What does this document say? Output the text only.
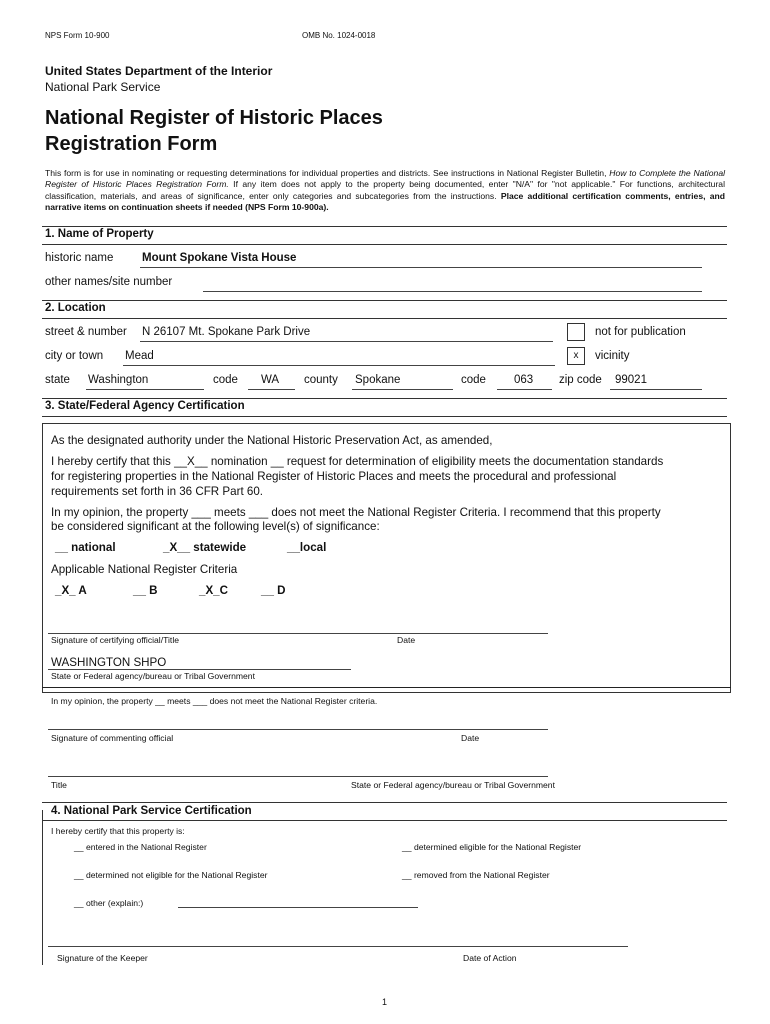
NPS Form 10-900	OMB No. 1024-0018
United States Department of the Interior
National Park Service
National Register of Historic Places
Registration Form
This form is for use in nominating or requesting determinations for individual properties and districts. See instructions in National Register Bulletin, How to Complete the National Register of Historic Places Registration Form. If any item does not apply to the property being documented, enter "N/A" for "not applicable." For functions, architectural classification, materials, and areas of significance, enter only categories and subcategories from the instructions. Place additional certification comments, entries, and narrative items on continuation sheets if needed (NPS Form 10-900a).
1. Name of Property
historic name Mount Spokane Vista House
other names/site number
2. Location
street & number N 26107 Mt. Spokane Park Drive	not for publication
city or town Mead	x	vicinity
state Washington	code WA county Spokane	code 063 zip code 99021
3. State/Federal Agency Certification
As the designated authority under the National Historic Preservation Act, as amended,
I hereby certify that this __X__ nomination __ request for determination of eligibility meets the documentation standards
for registering properties in the National Register of Historic Places and meets the procedural and professional
requirements set forth in 36 CFR Part 60.
In my opinion, the property ___ meets ___ does not meet the National Register Criteria. I recommend that this property
be considered significant at the following level(s) of significance:
__ national	_X__ statewide	__local
Applicable National Register Criteria
_X_ A	__ B	_X_C	__ D
Signature of certifying official/Title	Date
WASHINGTON SHPO
State or Federal agency/bureau or Tribal Government
In my opinion, the property __ meets ___ does not meet the National Register criteria.
Signature of commenting official	Date
Title	State or Federal agency/bureau or Tribal Government
4. National Park Service Certification
I hereby certify that this property is:
__ entered in the National Register	__ determined eligible for the National Register
__ determined not eligible for the National Register	__ removed from the National Register
__ other (explain:)
Signature of the Keeper	Date of Action
1
